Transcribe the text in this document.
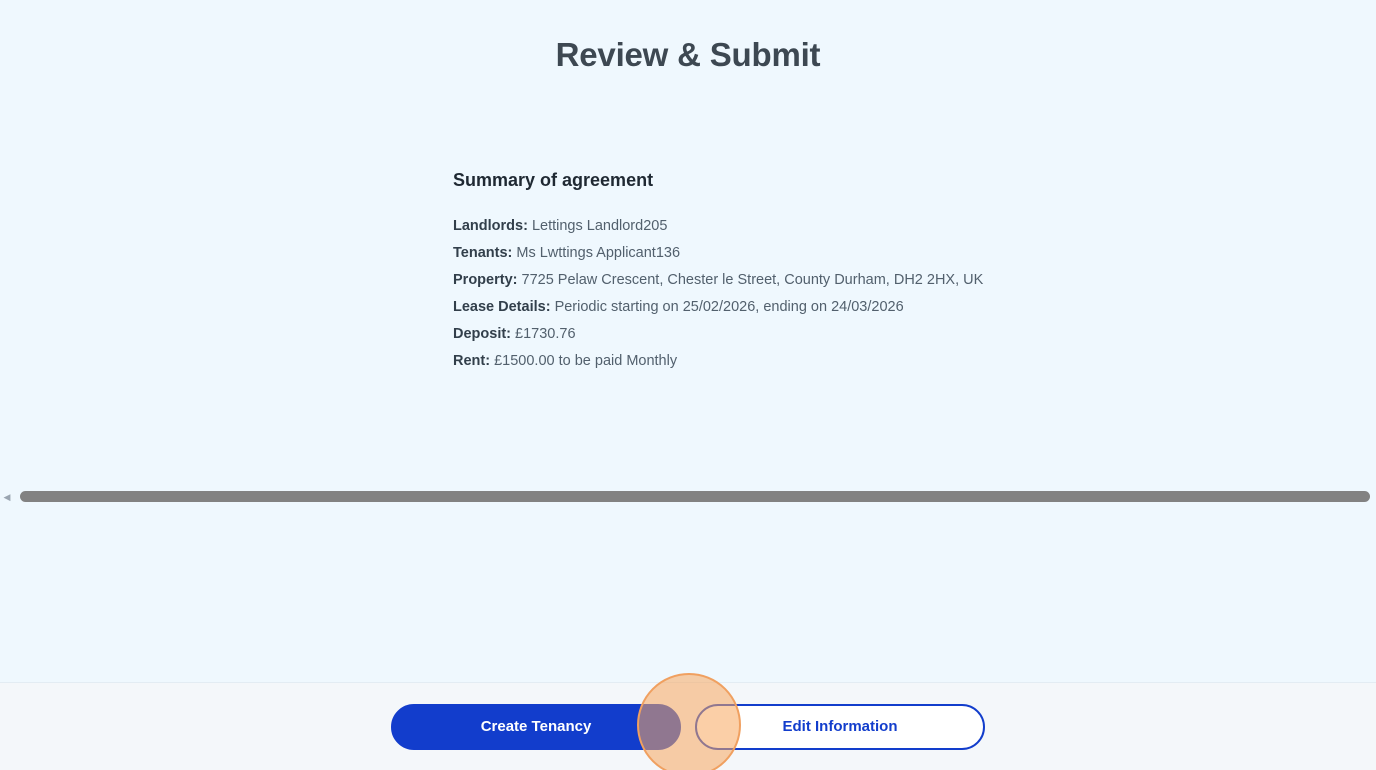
Review & Submit
Summary of agreement
Landlords: Lettings Landlord205
Tenants: Ms Lwttings Applicant136
Property: 7725 Pelaw Crescent, Chester le Street, County Durham, DH2 2HX, UK
Lease Details: Periodic starting on 25/02/2026, ending on 24/03/2026
Deposit: £1730.76
Rent: £1500.00 to be paid Monthly
◀
Create Tenancy	Edit Information
